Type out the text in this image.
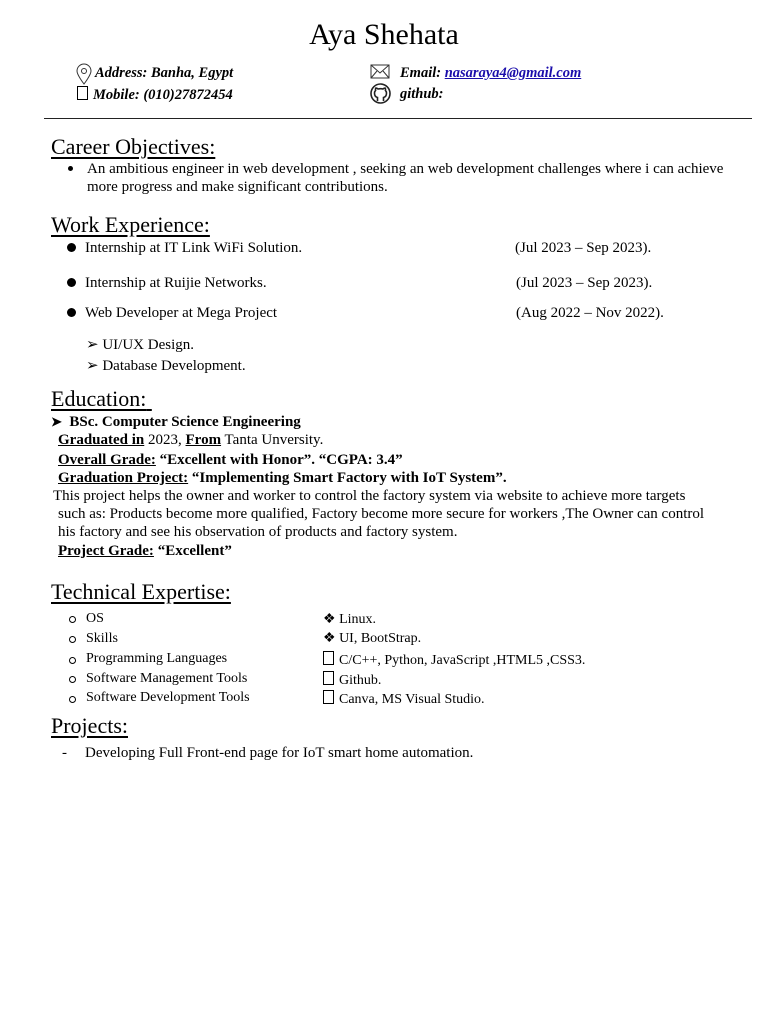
Aya Shehata
Address: Banha, Egypt
Mobile: (010)27872454
Email: nasaraya4@gmail.com
github:
Career Objectives:
An ambitious engineer in web development , seeking an web development challenges where i can achieve
more progress and make significant contributions.
Work Experience:
Internship at IT Link WiFi Solution.	(Jul 2023 – Sep 2023).
Internship at Ruijie Networks.	(Jul 2023 – Sep 2023).
Web Developer at Mega Project	(Aug 2022 – Nov 2022).
➢ UI/UX Design.
➢ Database Development.
Education:
➤ BSc. Computer Science Engineering
Graduated in 2023, From Tanta Unversity.
Overall Grade: “Excellent with Honor”. “CGPA: 3.4”
Graduation Project: “Implementing Smart Factory with IoT System”.
This project helps the owner and worker to control the factory system via website to achieve more targets
such as: Products become more qualified, Factory become more secure for workers ,The Owner can control
his factory and see his observation of products and factory system.
Project Grade: “Excellent”
Technical Expertise:
OS	❖ Linux.
Skills	❖ UI, BootStrap.
Programming Languages	C/C++, Python, JavaScript ,HTML5 ,CSS3.
Software Management Tools	Github.
Software Development Tools	Canva, MS Visual Studio.
Projects:
- Developing Full Front-end page for IoT smart home automation.
